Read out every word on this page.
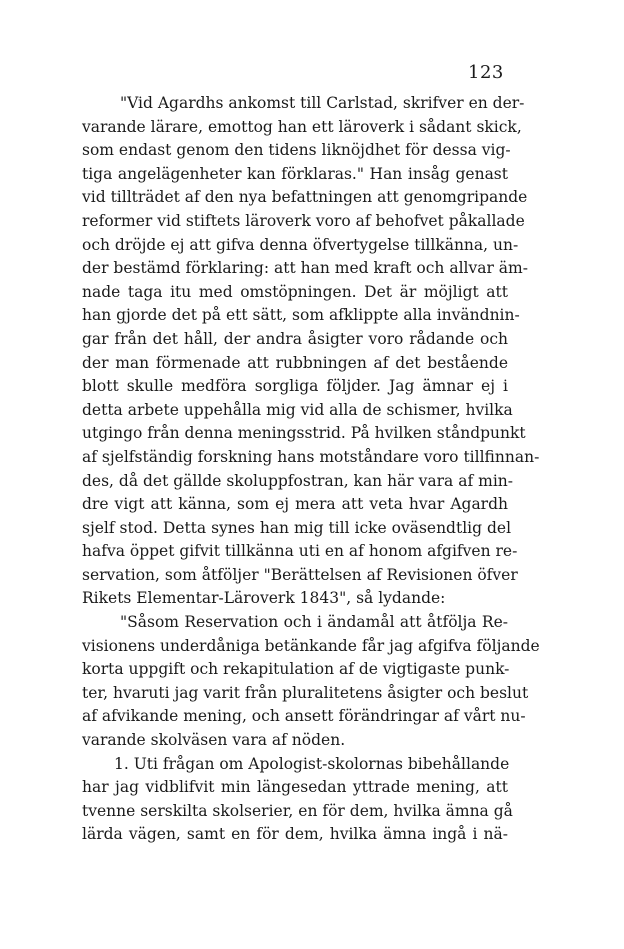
123
"Vid Agardhs ankomst till Carlstad, skrifver en der-
varande lärare, emottog han ett läroverk i sådant skick,
som endast genom den tidens liknöjdhet för dessa vig-
tiga angelägenheter kan förklaras." Han insåg genast
vid tillträdet af den nya befattningen att genomgripande
reformer vid stiftets läroverk voro af behofvet påkallade
och dröjde ej att gifva denna öfvertygelse tillkänna, un-
der bestämd förklaring: att han med kraft och allvar äm-
nade taga itu med omstöpningen. Det är möjligt att
han gjorde det på ett sätt, som afklippte alla invändnin-
gar från det håll, der andra åsigter voro rådande och
der man förmenade att rubbningen af det bestående
blott skulle medföra sorgliga följder. Jag ämnar ej i
detta arbete uppehålla mig vid alla de schismer, hvilka
utgingo från denna meningsstrid. På hvilken ståndpunkt
af sjelfständig forskning hans motståndare voro tillfinnan-
des, då det gällde skoluppfostran, kan här vara af min-
dre vigt att känna, som ej mera att veta hvar Agardh
sjelf stod. Detta synes han mig till icke oväsendtlig del
hafva öppet gifvit tillkänna uti en af honom afgifven re-
servation, som åtföljer "Berättelsen af Revisionen öfver
Rikets Elementar-Läroverk 1843", så lydande:
"Såsom Reservation och i ändamål att åtfölja Re-
visionens underdåniga betänkande får jag afgifva följande
korta uppgift och rekapitulation af de vigtigaste punk-
ter, hvaruti jag varit från pluralitetens åsigter och beslut
af afvikande mening, och ansett förändringar af vårt nu-
varande skolväsen vara af nöden.
1. Uti frågan om Apologist-skolornas bibehållande
har jag vidblifvit min längesedan yttrade mening, att
tvenne serskilta skolserier, en för dem, hvilka ämna gå
lärda vägen, samt en för dem, hvilka ämna ingå i nä-
